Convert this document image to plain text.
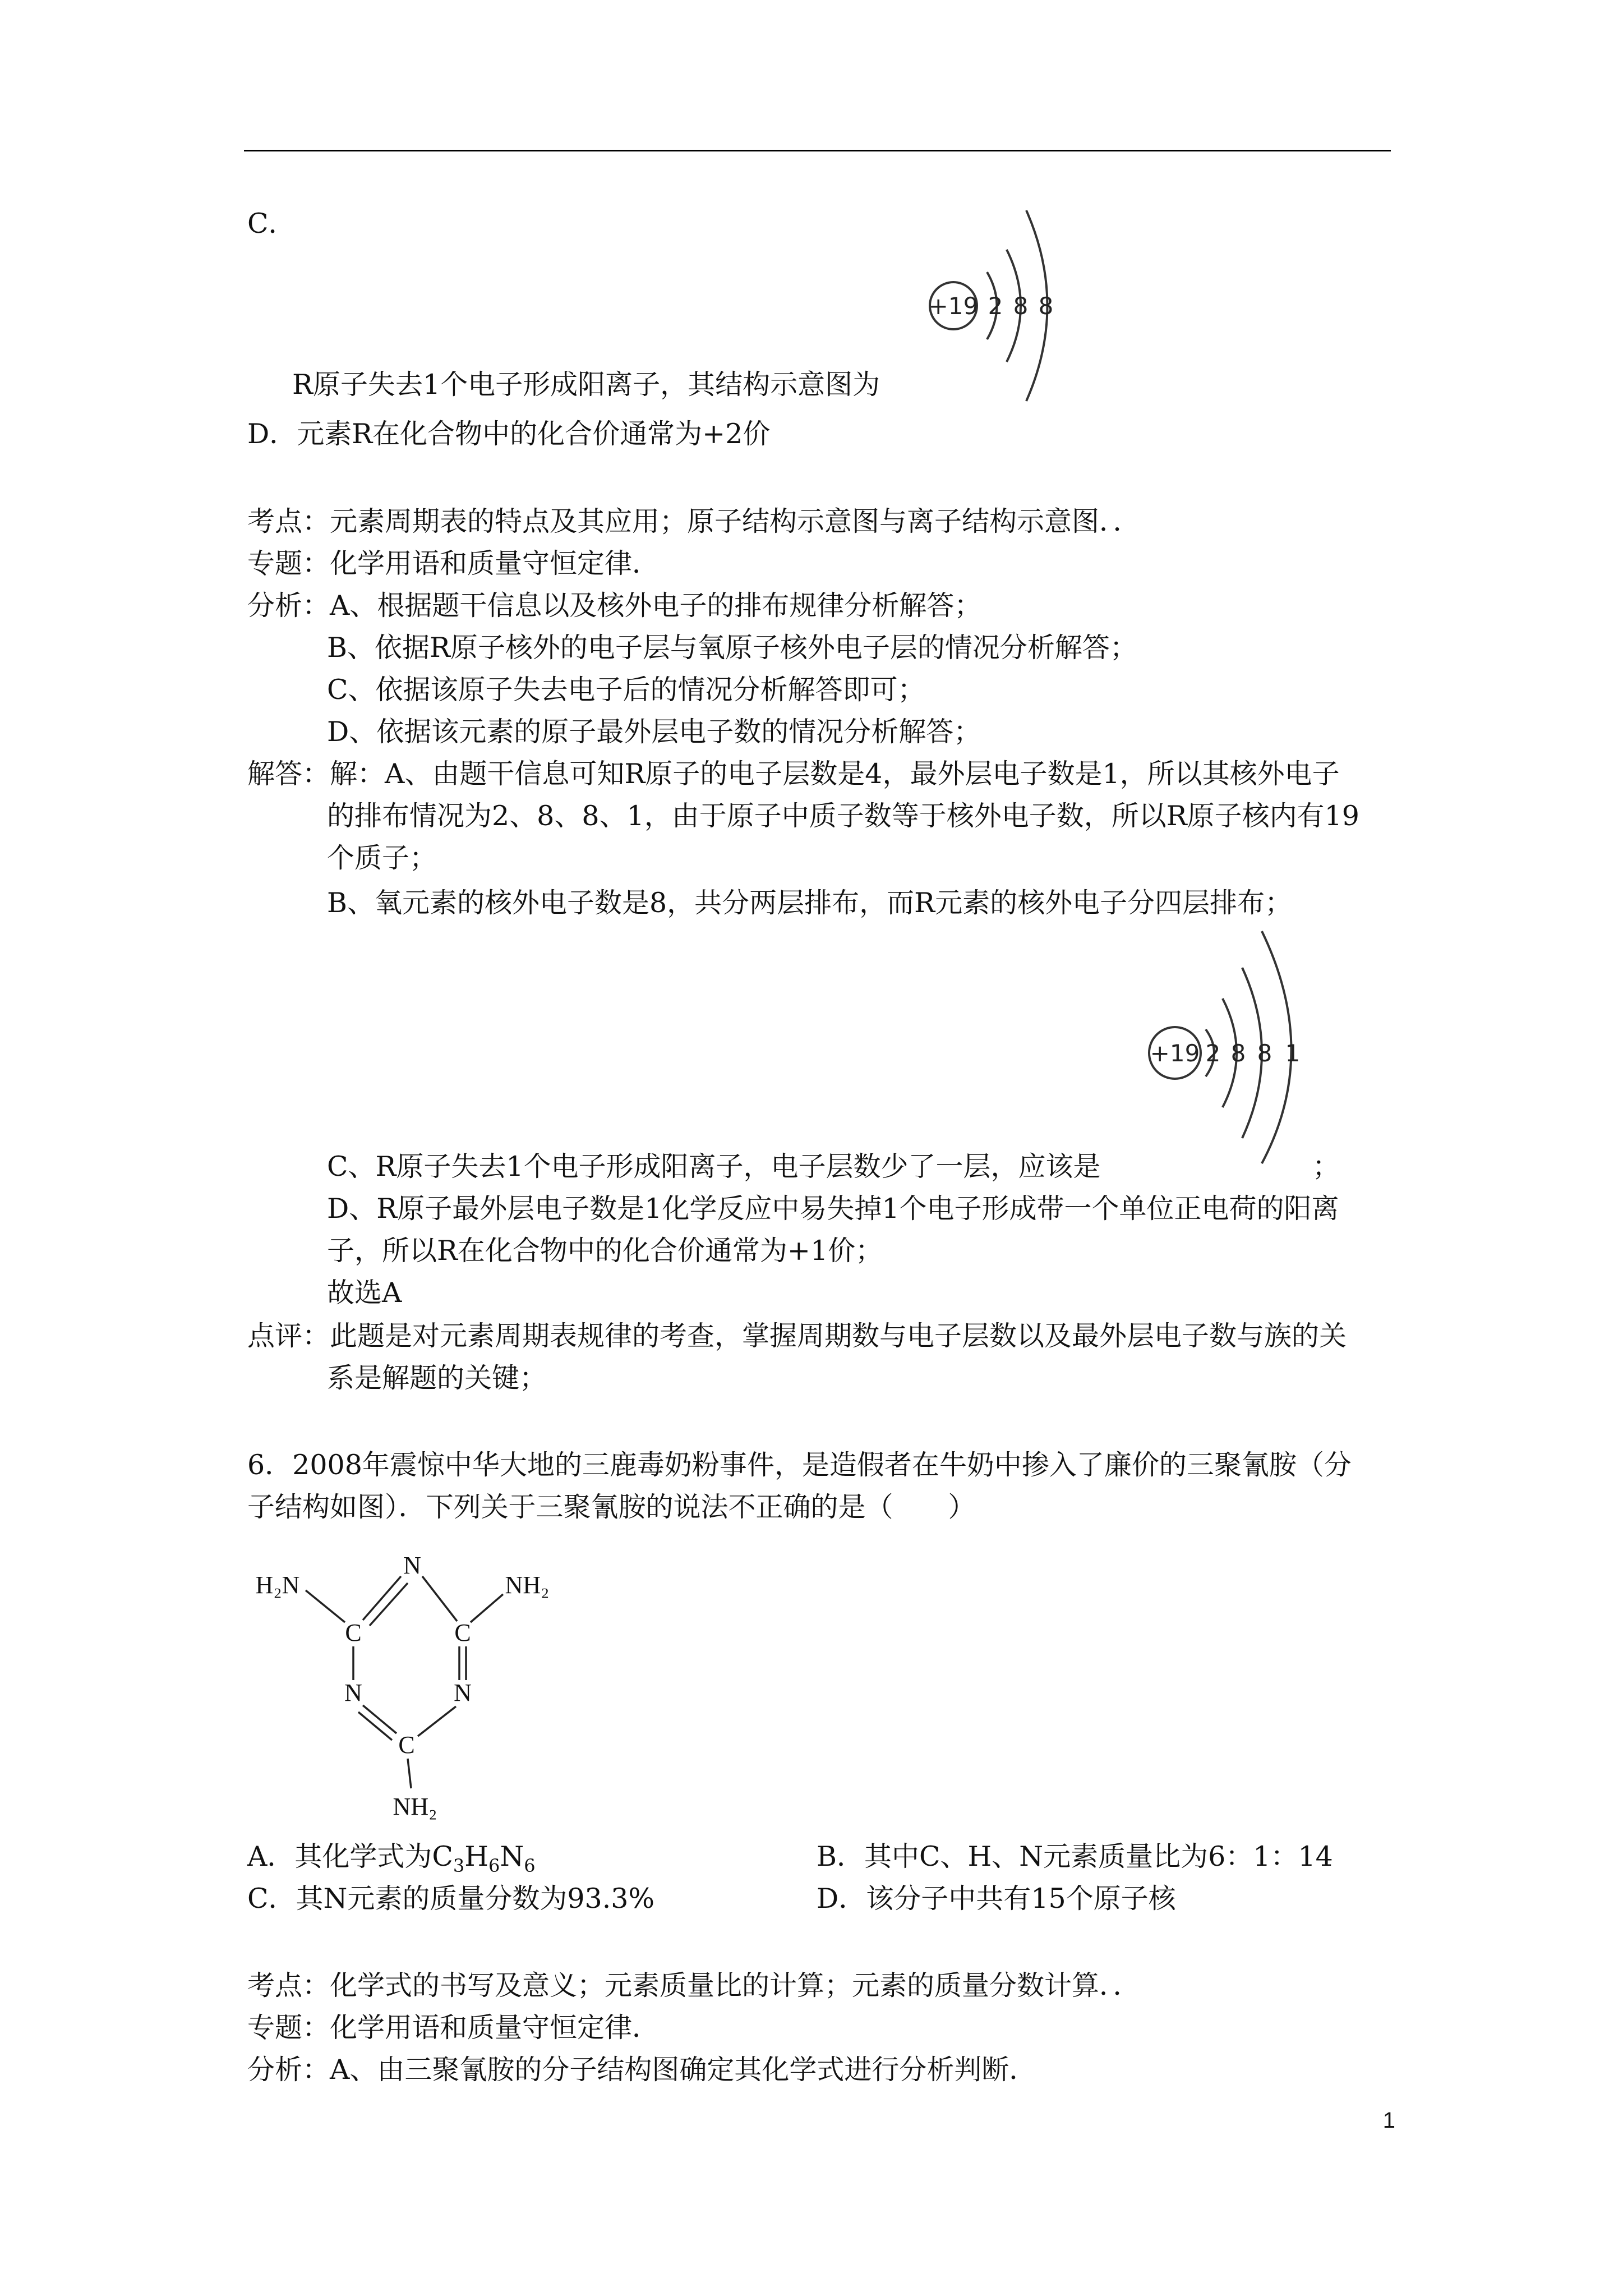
C．
+19 2 8 8
R原子失去1个电子形成阳离子，其结构示意图为
D．元素R在化合物中的化合价通常为+2价
考点：元素周期表的特点及其应用；原子结构示意图与离子结构示意图．．
专题：化学用语和质量守恒定律．
分析：A、根据题干信息以及核外电子的排布规律分析解答；
B、依据R原子核外的电子层与氧原子核外电子层的情况分析解答；
C、依据该原子失去电子后的情况分析解答即可；
D、依据该元素的原子最外层电子数的情况分析解答；
解答：解：A、由题干信息可知R原子的电子层数是4，最外层电子数是1，所以其核外电子
的排布情况为2、8、8、1，由于原子中质子数等于核外电子数，所以R原子核内有19
个质子；
B、氧元素的核外电子数是8，共分两层排布，而R元素的核外电子分四层排布；
+19 2 8 8 1
C、R原子失去1个电子形成阳离子，电子层数少了一层，应该是	；
D、R原子最外层电子数是1化学反应中易失掉1个电子形成带一个单位正电荷的阳离
子，所以R在化合物中的化合价通常为+1价；
故选A
点评：此题是对元素周期表规律的考查，掌握周期数与电子层数以及最外层电子数与族的关
系是解题的关键；
6．2008年震惊中华大地的三鹿毒奶粉事件，是造假者在牛奶中掺入了廉价的三聚氰胺（分
子结构如图）．下列关于三聚氰胺的说法不正确的是（　　）
N
C	C
N	N
C
H₂N	NH₂
NH₂
A．其化学式为$C_3H_6N_6$	B．其中C、H、N元素质量比为6：1：14
C．其N元素的质量分数为93.3%	D．该分子中共有15个原子核
考点：化学式的书写及意义；元素质量比的计算；元素的质量分数计算．．
专题：化学用语和质量守恒定律．
分析：A、由三聚氰胺的分子结构图确定其化学式进行分析判断．
1
